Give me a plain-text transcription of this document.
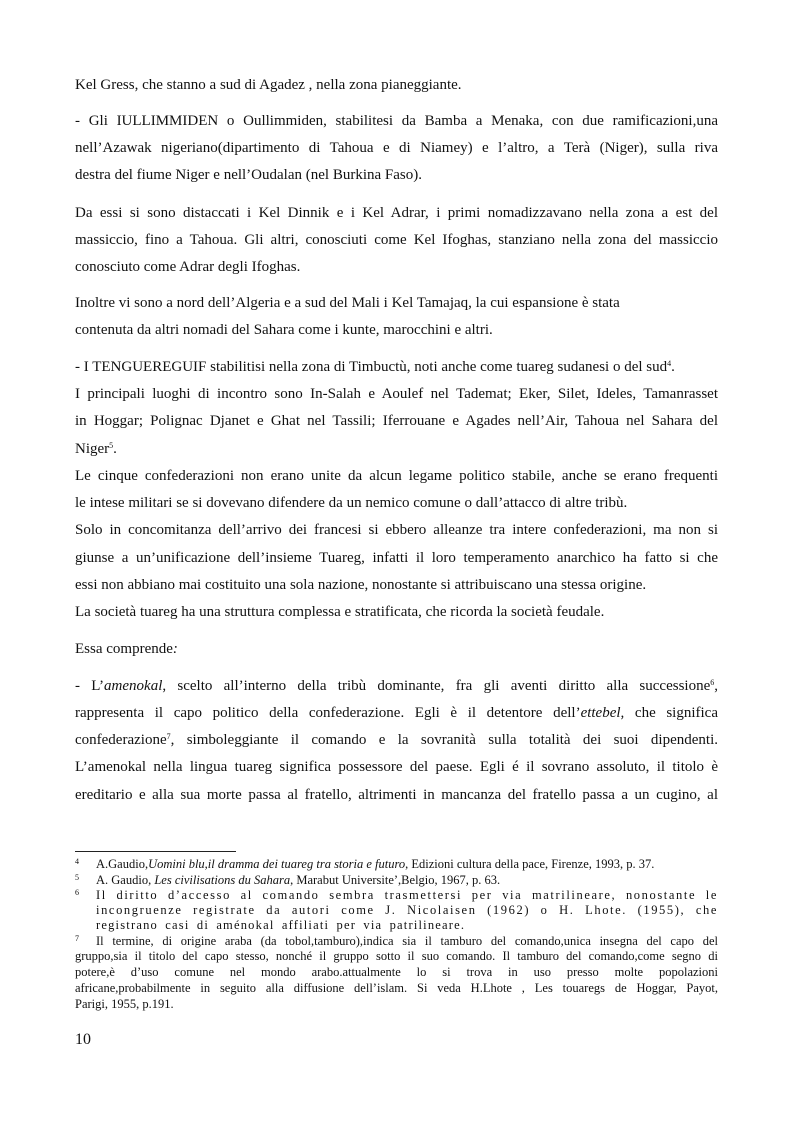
Kel Gress, che stanno a sud di Agadez , nella zona pianeggiante.
- Gli IULLIMMIDEN o Oullimmiden, stabilitesi da Bamba a Menaka, con due ramificazioni,una
nell’Azawak nigeriano(dipartimento di Tahoua e di Niamey) e l’altro, a Terà (Niger), sulla riva
destra del fiume Niger e nell’Oudalan (nel Burkina Faso).
Da essi si sono distaccati i Kel Dinnik e i Kel Adrar, i primi nomadizzavano nella zona a est del
massiccio, fino a Tahoua. Gli altri, conosciuti come Kel Ifoghas, stanziano nella zona del massiccio
conosciuto come Adrar degli Ifoghas.
Inoltre vi sono a nord dell’Algeria e a sud del Mali i Kel Tamajaq, la cui espansione è stata
contenuta da altri nomadi del Sahara come i kunte, marocchini e altri.
- I TENGUEREGUIF stabilitisi nella zona di Timbuctù, noti anche come tuareg sudanesi o del sud$^4$.
I principali luoghi di incontro sono In-Salah e Aoulef nel Tademat; Eker, Silet, Ideles, Tamanrasset
in Hoggar; Polignac Djanet e Ghat nel Tassili; Iferrouane e Agades nell’Air, Tahoua nel Sahara del
Niger$^5$.
Le cinque confederazioni non erano unite da alcun legame politico stabile, anche se erano frequenti
le intese militari se si dovevano difendere da un nemico comune o dall’attacco di altre tribù.
Solo in concomitanza dell’arrivo dei francesi si ebbero alleanze tra intere confederazioni, ma non si
giunse a un’unificazione dell’insieme Tuareg, infatti il loro temperamento anarchico ha fatto si che
essi non abbiano mai costituito una sola nazione, nonostante si attribuiscano una stessa origine.
La società tuareg ha una struttura complessa e stratificata, che ricorda la società feudale.
Essa comprende:
- L’amenokal, scelto all’interno della tribù dominante, fra gli aventi diritto alla successione$^6$,
rappresenta il capo politico della confederazione. Egli è il detentore dell’ettebel, che significa
confederazione$^7$, simboleggiante il comando e la sovranità sulla totalità dei suoi dipendenti.
L’amenokal nella lingua tuareg significa possessore del paese. Egli é il sovrano assoluto, il titolo è
ereditario e alla sua morte passa al fratello, altrimenti in mancanza del fratello passa a un cugino, al
4 A.Gaudio,Uomini blu,il dramma dei tuareg tra storia e futuro, Edizioni cultura della pace, Firenze, 1993, p. 37.
5 A. Gaudio, Les civilisations du Sahara, Marabut Universite’,Belgio, 1967, p. 63.
6 Il diritto d’accesso al comando sembra trasmettersi per via matrilineare, nonostante le
incongruenze registrate da autori come J. Nicolaisen (1962) o H. Lhote. (1955), che
registrano casi di aménokal affiliati per via patrilineare.
7 Il termine, di origine araba (da tobol,tamburo),indica sia il tamburo del comando,unica insegna del capo del
gruppo,sia il titolo del capo stesso, nonché il gruppo sotto il suo comando. Il tamburo del comando,come segno di
potere,è d’uso comune nel mondo arabo.attualmente lo si trova in uso presso molte popolazioni
africane,probabilmente in seguito alla diffusione dell’islam. Si veda H.Lhote , Les touaregs de Hoggar, Payot,
Parigi, 1955, p.191.
10
